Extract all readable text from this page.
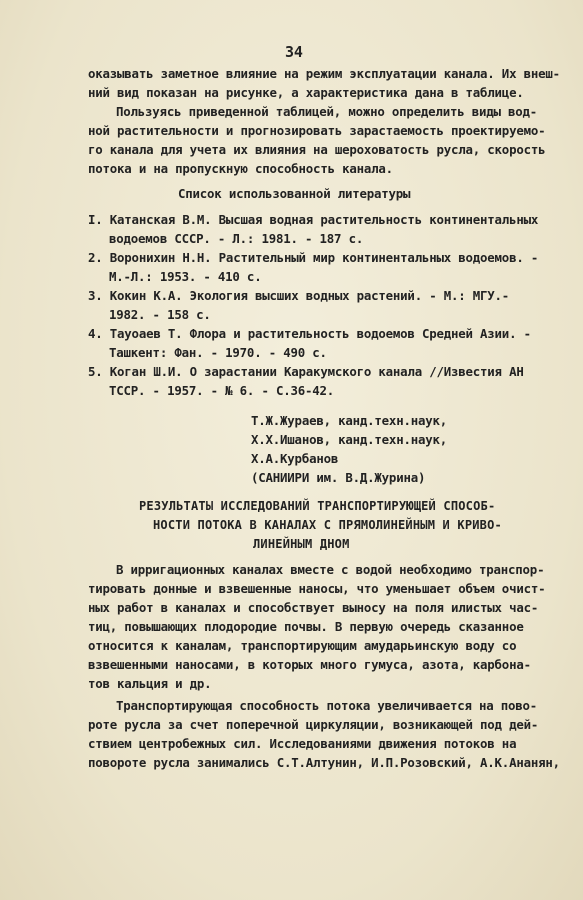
34
оказывать заметное влияние на режим эксплуатации канала. Их внеш-
ний вид показан на рисунке, а характеристика дана в таблице.
Пользуясь приведенной таблицей, можно определить виды вод-
ной растительности и прогнозировать зарастаемость проектируемо-
го канала для учета их влияния на шероховатость русла, скорость
потока и на пропускную способность канала.
Список использованной литературы
I. Катанская В.М. Высшая водная растительность континентальных
водоемов СССР. - Л.: 1981. - 187 с.
2. Воронихин Н.Н. Растительный мир континентальных водоемов. -
М.-Л.: 1953. - 410 с.
3. Кокин К.А. Экология высших водных растений. - М.: МГУ.-
1982. - 158 с.
4. Тауоаев Т. Флора и растительность водоемов Средней Азии. -
Ташкент: Фан. - 1970. - 490 с.
5. Коган Ш.И. О зарастании Каракумского канала //Известия АН
ТССР. - 1957. - № 6. - С.36-42.
Т.Ж.Жураев, канд.техн.наук,
Х.Х.Ишанов, канд.техн.наук,
Х.А.Курбанов
(САНИИРИ им. В.Д.Журина)
РЕЗУЛЬТАТЫ ИССЛЕДОВАНИЙ ТРАНСПОРТИРУЮЩЕЙ СПОСОБ-
НОСТИ ПОТОКА В КАНАЛАХ С ПРЯМОЛИНЕЙНЫМ И КРИВО-
ЛИНЕЙНЫМ ДНОМ
В ирригационных каналах вместе с водой необходимо транспор-
тировать донные и взвешенные наносы, что уменьшает объем очист-
ных работ в каналах и способствует выносу на поля илистых час-
тиц, повышающих плодородие почвы. В первую очередь сказанное
относится к каналам, транспортирующим амударьинскую воду со
взвешенными наносами, в которых много гумуса, азота, карбона-
тов кальция и др.
Транспортирующая способность потока увеличивается на пово-
роте русла за счет поперечной циркуляции, возникающей под дей-
ствием центробежных сил. Исследованиями движения потоков на
повороте русла занимались С.Т.Алтунин, И.П.Розовский, А.К.Ананян,
